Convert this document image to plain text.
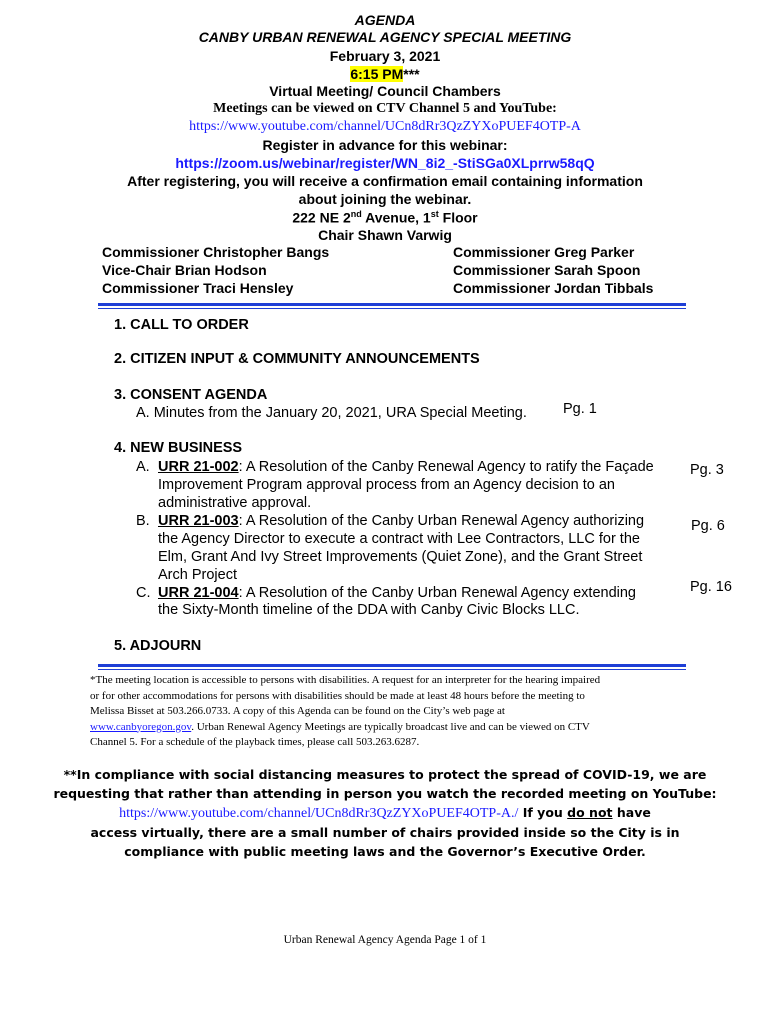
AGENDA
CANBY URBAN RENEWAL AGENCY SPECIAL MEETING
February 3, 2021
6:15 PM***
Virtual Meeting/ Council Chambers
Meetings can be viewed on CTV Channel 5 and YouTube:
https://www.youtube.com/channel/UCn8dRr3QzZYXoPUEF4OTP-A
Register in advance for this webinar:
https://zoom.us/webinar/register/WN_8i2_-StiSGa0XLprrw58qQ
After registering, you will receive a confirmation email containing information
about joining the webinar.
222 NE 2nd Avenue, 1st Floor
Chair Shawn Varwig
Commissioner Christopher Bangs
Vice-Chair Brian Hodson
Commissioner Traci Hensley
Commissioner Greg Parker
Commissioner Sarah Spoon
Commissioner Jordan Tibbals
1. CALL TO ORDER
2. CITIZEN INPUT & COMMUNITY ANNOUNCEMENTS
3. CONSENT AGENDA
A. Minutes from the January 20, 2021, URA Special Meeting. Pg. 1
4. NEW BUSINESS
A. URR 21-002: A Resolution of the Canby Renewal Agency to ratify the Façade
Improvement Program approval process from an Agency decision to an
administrative approval.
Pg. 3
B. URR 21-003: A Resolution of the Canby Urban Renewal Agency authorizing
the Agency Director to execute a contract with Lee Contractors, LLC for the
Elm, Grant And Ivy Street Improvements (Quiet Zone), and the Grant Street
Arch Project
Pg. 6
C. URR 21-004: A Resolution of the Canby Urban Renewal Agency extending
the Sixty-Month timeline of the DDA with Canby Civic Blocks LLC.
Pg. 16
5. ADJOURN
*The meeting location is accessible to persons with disabilities. A request for an interpreter for the hearing impaired
or for other accommodations for persons with disabilities should be made at least 48 hours before the meeting to
Melissa Bisset at 503.266.0733. A copy of this Agenda can be found on the City’s web page at
www.canbyoregon.gov. Urban Renewal Agency Meetings are typically broadcast live and can be viewed on CTV
Channel 5. For a schedule of the playback times, please call 503.263.6287.
**In compliance with social distancing measures to protect the spread of COVID-19, we are
requesting that rather than attending in person you watch the recorded meeting on YouTube:
https://www.youtube.com/channel/UCn8dRr3QzZYXoPUEF4OTP-A./ If you do not have
access virtually, there are a small number of chairs provided inside so the City is in
compliance with public meeting laws and the Governor’s Executive Order.
Urban Renewal Agency Agenda Page 1 of 1
